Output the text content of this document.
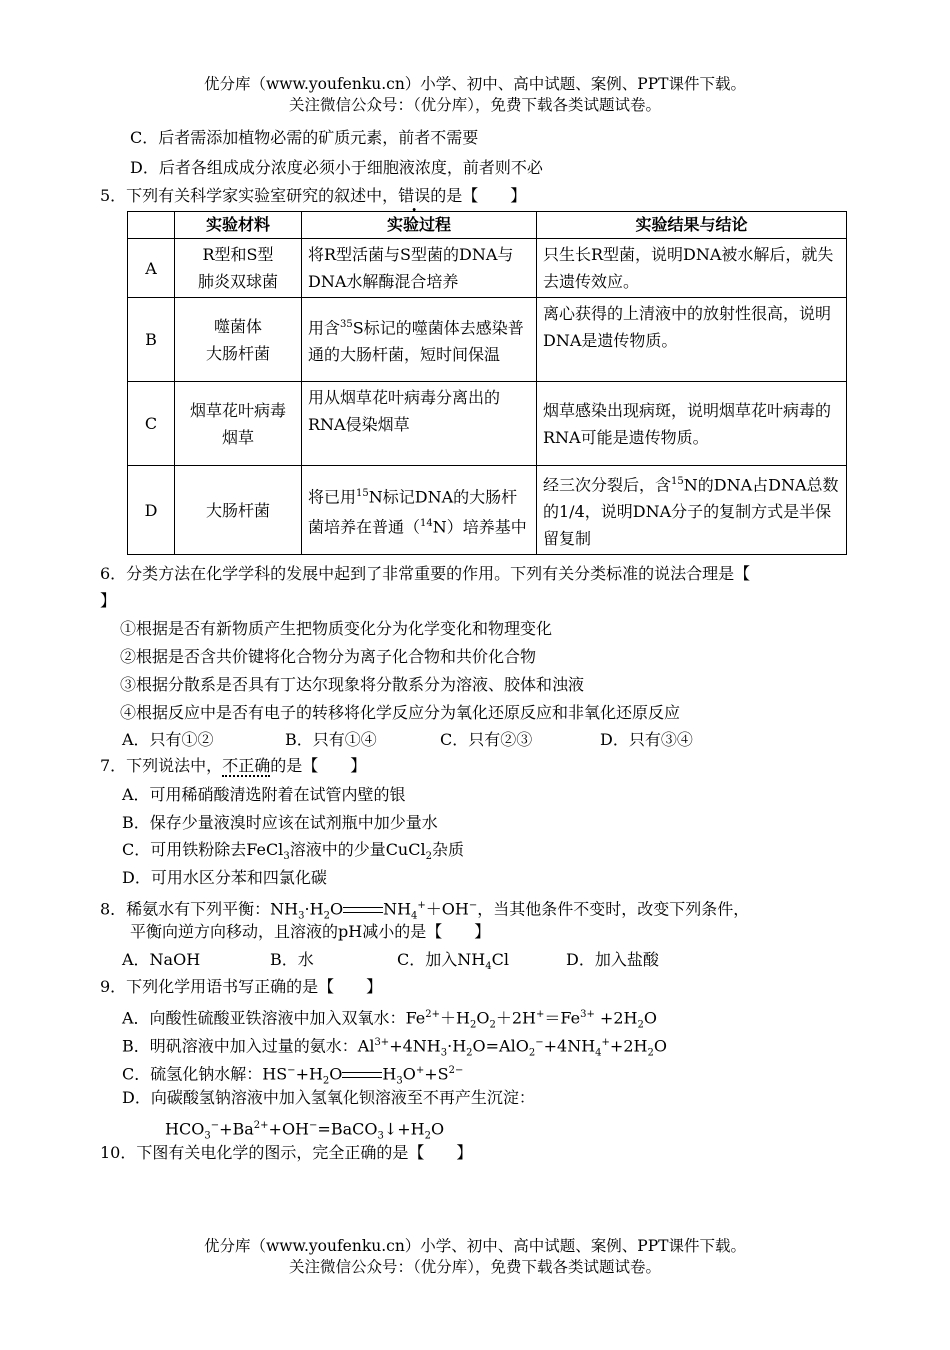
优分库（www.youfenku.cn）小学、初中、高中试题、案例、PPT课件下载。
关注微信公众号：（优分库），免费下载各类试题试卷。
C．后者需添加植物必需的矿质元素，前者不需要
D．后者各组成成分浓度必须小于细胞液浓度，前者则不必
5．下列有关科学家实验室研究的叙述中，错误的是【　　】
	实验材料	实验过程	实验结果与结论
A	R型和S型
肺炎双球菌	将R型活菌与S型菌的DNA与DNA水解酶混合培养	只生长R型菌，说明DNA被水解后，就失去遗传效应。
B	噬菌体
大肠杆菌	用含$^{35}$S标记的噬菌体去感染普通的大肠杆菌，短时间保温	离心获得的上清液中的放射性很高，说明DNA是遗传物质。
C	烟草花叶病毒
烟草	用从烟草花叶病毒分离出的RNA侵染烟草	烟草感染出现病斑，说明烟草花叶病毒的RNA可能是遗传物质。
D	大肠杆菌	将已用$^{15}$N标记DNA的大肠杆菌培养在普通（$^{14}$N）培养基中	经三次分裂后，含$^{15}$N的DNA占DNA总数的1/4，说明DNA分子的复制方式是半保留复制
6．分类方法在化学学科的发展中起到了非常重要的作用。下列有关分类标准的说法合理是【
】
①根据是否有新物质产生把物质变化分为化学变化和物理变化
②根据是否含共价键将化合物分为离子化合物和共价化合物
③根据分散系是否具有丁达尔现象将分散系分为溶液、胶体和浊液
④根据反应中是否有电子的转移将化学反应分为氧化还原反应和非氧化还原反应
A．只有①②	B．只有①④	C．只有②③	D．只有③④
7．下列说法中，不正确的是【　　】
A．可用稀硝酸清选附着在试管内壁的银
B．保存少量液溴时应该在试剂瓶中加少量水
C．可用铁粉除去FeCl$_3$溶液中的少量CuCl$_2$杂质
D．可用水区分苯和四氯化碳
8．稀氨水有下列平衡：$NH_3\cdot H_2O$	$NH_4^++OH^-$，当其他条件不变时，改变下列条件，
平衡向逆方向移动，且溶液的pH减小的是【　　】
A．NaOH	B．水	C．加入$NH_4Cl$	D．加入盐酸
9．下列化学用语书写正确的是【　　】
A．向酸性硫酸亚铁溶液中加入双氧水：$Fe^{2+}+H_2O_2+2H^+=Fe^{3+} +2H_2O$
B．明矾溶液中加入过量的氨水：$Al^{3+}+4NH_3\cdot H_2O=AlO_2^-+4NH_4^++2H_2O$
C．硫氢化钠水解：$HS^-+H_2O$	$H_3O^++S^{2-}$
D．向碳酸氢钠溶液中加入氢氧化钡溶液至不再产生沉淀：
$HCO_3^-+Ba^{2+}+OH^-=BaCO_3↓+H_2O$
10．下图有关电化学的图示，完全正确的是【　　】
优分库（www.youfenku.cn）小学、初中、高中试题、案例、PPT课件下载。
关注微信公众号：（优分库），免费下载各类试题试卷。
